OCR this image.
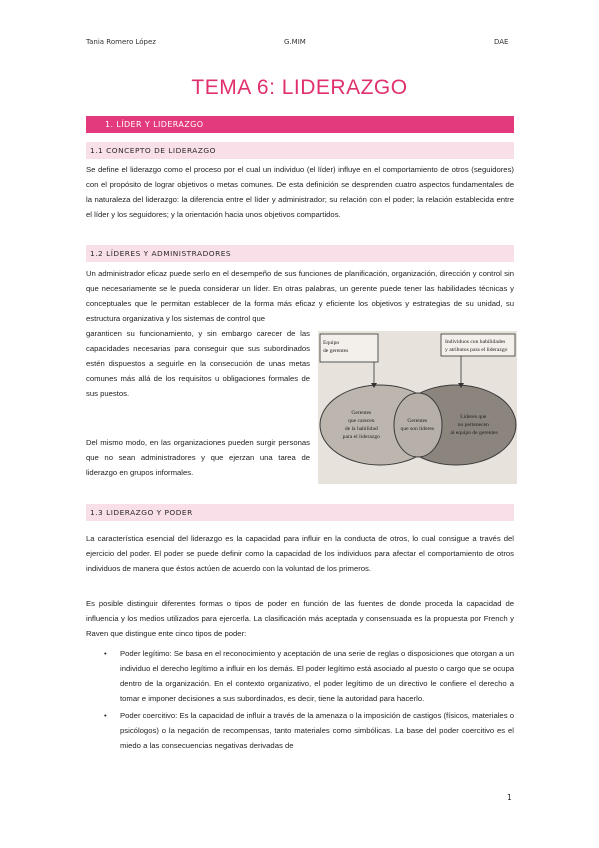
Tania Romero López	G.MIM	DAE
TEMA 6: LIDERAZGO
1. LÍDER Y LIDERAZGO
1.1 CONCEPTO DE LIDERAZGO

Se define el liderazgo como el proceso por el cual un individuo (el líder) influye en el comportamiento de otros (seguidores) con el propósito de lograr objetivos o metas comunes. De esta definición se desprenden cuatro aspectos fundamentales de la naturaleza del liderazgo: la diferencia entre el líder y administrador; su relación con el poder; la relación establecida entre el líder y los seguidores; y la orientación hacia unos objetivos compartidos.

1.2 LÍDERES Y ADMINISTRADORES

Un administrador eficaz puede serlo en el desempeño de sus funciones de planificación, organización, dirección y control sin que necesariamente se le pueda considerar un líder. En otras palabras, un gerente puede tener las habilidades técnicas y conceptuales que le permitan establecer de la forma más eficaz y eficiente los objetivos y estrategias de su unidad, su estructura organizativa y los sistemas de control que

garanticen su funcionamiento, y sin embargo carecer de las capacidades necesarias para conseguir que sus subordinados estén dispuestos a seguirle en la consecución de unas metas comunes más allá de los requisitos u obligaciones formales de sus puestos.

Del mismo modo, en las organizaciones pueden surgir personas que no sean administradores y que ejerzan una tarea de liderazgo en grupos informales.

Equipo de gerentes Individuos con habilidades y atributos para el liderazgo
Gerentes que carecen de la habilidad para el liderazgo Gerentes que son líderes Líderes que no pertenecen al equipo de gerentes
1.3 LIDERAZGO Y PODER

La característica esencial del liderazgo es la capacidad para influir en la conducta de otros, lo cual consigue a través del ejercicio del poder. El poder se puede definir como la capacidad de los individuos para afectar el comportamiento de otros individuos de manera que éstos actúen de acuerdo con la voluntad de los primeros.

Es posible distinguir diferentes formas o tipos de poder en función de las fuentes de donde proceda la capacidad de influencia y los medios utilizados para ejercerla. La clasificación más aceptada y consensuada es la propuesta por French y Raven que distingue ente cinco tipos de poder:

• Poder legítimo: Se basa en el reconocimiento y aceptación de una serie de reglas o disposiciones que otorgan a un individuo el derecho legítimo a influir en los demás. El poder legítimo está asociado al puesto o cargo que se ocupa dentro de la organización. En el contexto organizativo, el poder legítimo de un directivo le confiere el derecho a tomar e imponer decisiones a sus subordinados, es decir, tiene la autoridad para hacerlo.
• Poder coercitivo: Es la capacidad de influir a través de la amenaza o la imposición de castigos (físicos, materiales o psicólogos) o la negación de recompensas, tanto materiales como simbólicas. La base del poder coercitivo es el miedo a las consecuencias negativas derivadas de
1
